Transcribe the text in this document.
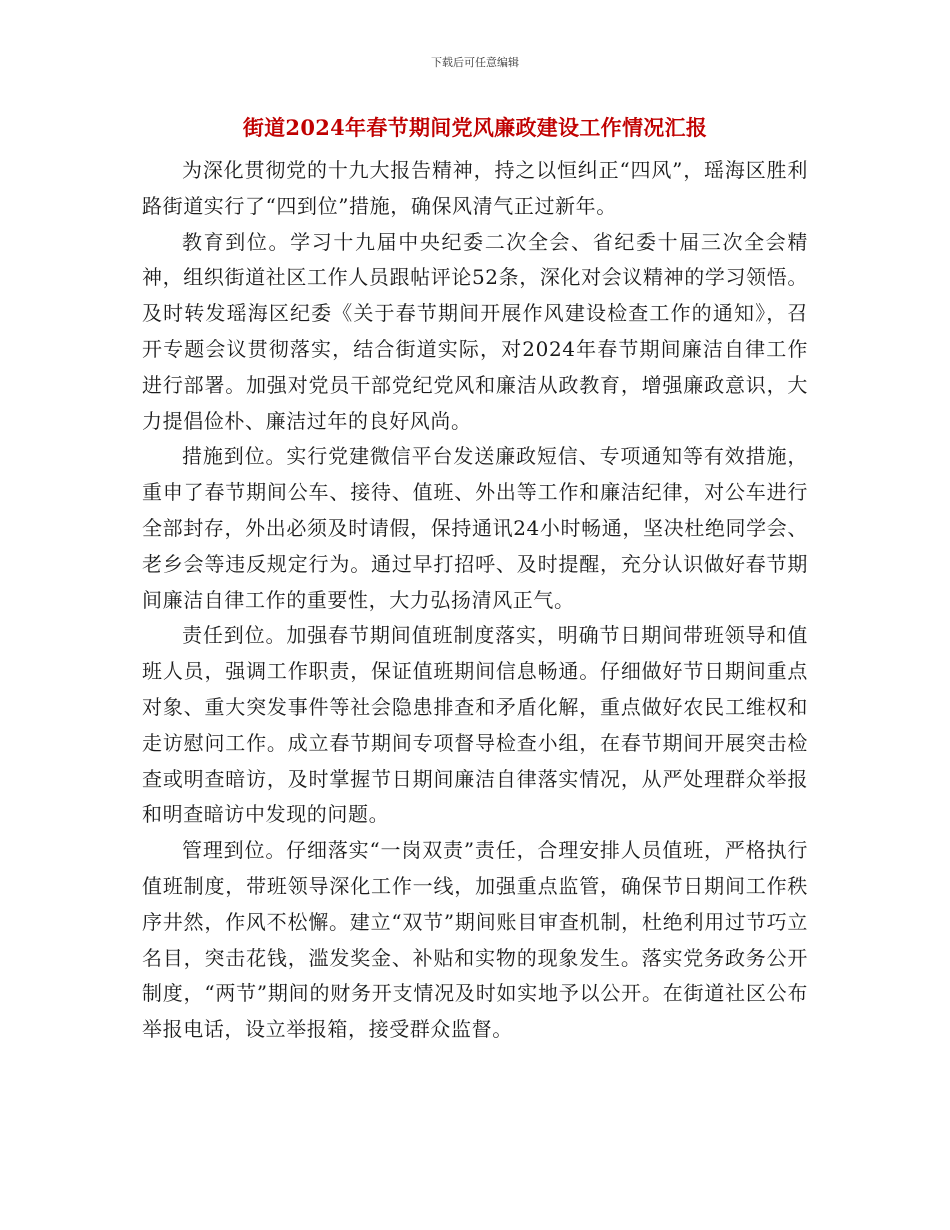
下载后可任意编辑
街道2024年春节期间党风廉政建设工作情况汇报

为深化贯彻党的十九大报告精神，持之以恒纠正“四风”，瑶海区胜利路街道实行了“四到位”措施，确保风清气正过新年。

教育到位。学习十九届中央纪委二次全会、省纪委十届三次全会精神，组织街道社区工作人员跟帖评论52条，深化对会议精神的学习领悟。及时转发瑶海区纪委《关于春节期间开展作风建设检查工作的通知》，召开专题会议贯彻落实，结合街道实际，对2024年春节期间廉洁自律工作进行部署。加强对党员干部党纪党风和廉洁从政教育，增强廉政意识，大力提倡俭朴、廉洁过年的良好风尚。

措施到位。实行党建微信平台发送廉政短信、专项通知等有效措施，重申了春节期间公车、接待、值班、外出等工作和廉洁纪律，对公车进行全部封存，外出必须及时请假，保持通讯24小时畅通，坚决杜绝同学会、老乡会等违反规定行为。通过早打招呼、及时提醒，充分认识做好春节期间廉洁自律工作的重要性，大力弘扬清风正气。

责任到位。加强春节期间值班制度落实，明确节日期间带班领导和值班人员，强调工作职责，保证值班期间信息畅通。仔细做好节日期间重点对象、重大突发事件等社会隐患排查和矛盾化解，重点做好农民工维权和走访慰问工作。成立春节期间专项督导检查小组，在春节期间开展突击检查或明查暗访，及时掌握节日期间廉洁自律落实情况，从严处理群众举报和明查暗访中发现的问题。

管理到位。仔细落实“一岗双责”责任，合理安排人员值班，严格执行值班制度，带班领导深化工作一线，加强重点监管，确保节日期间工作秩序井然，作风不松懈。建立“双节”期间账目审查机制，杜绝利用过节巧立名目，突击花钱，滥发奖金、补贴和实物的现象发生。落实党务政务公开制度，“两节”期间的财务开支情况及时如实地予以公开。在街道社区公布举报电话，设立举报箱，接受群众监督。
